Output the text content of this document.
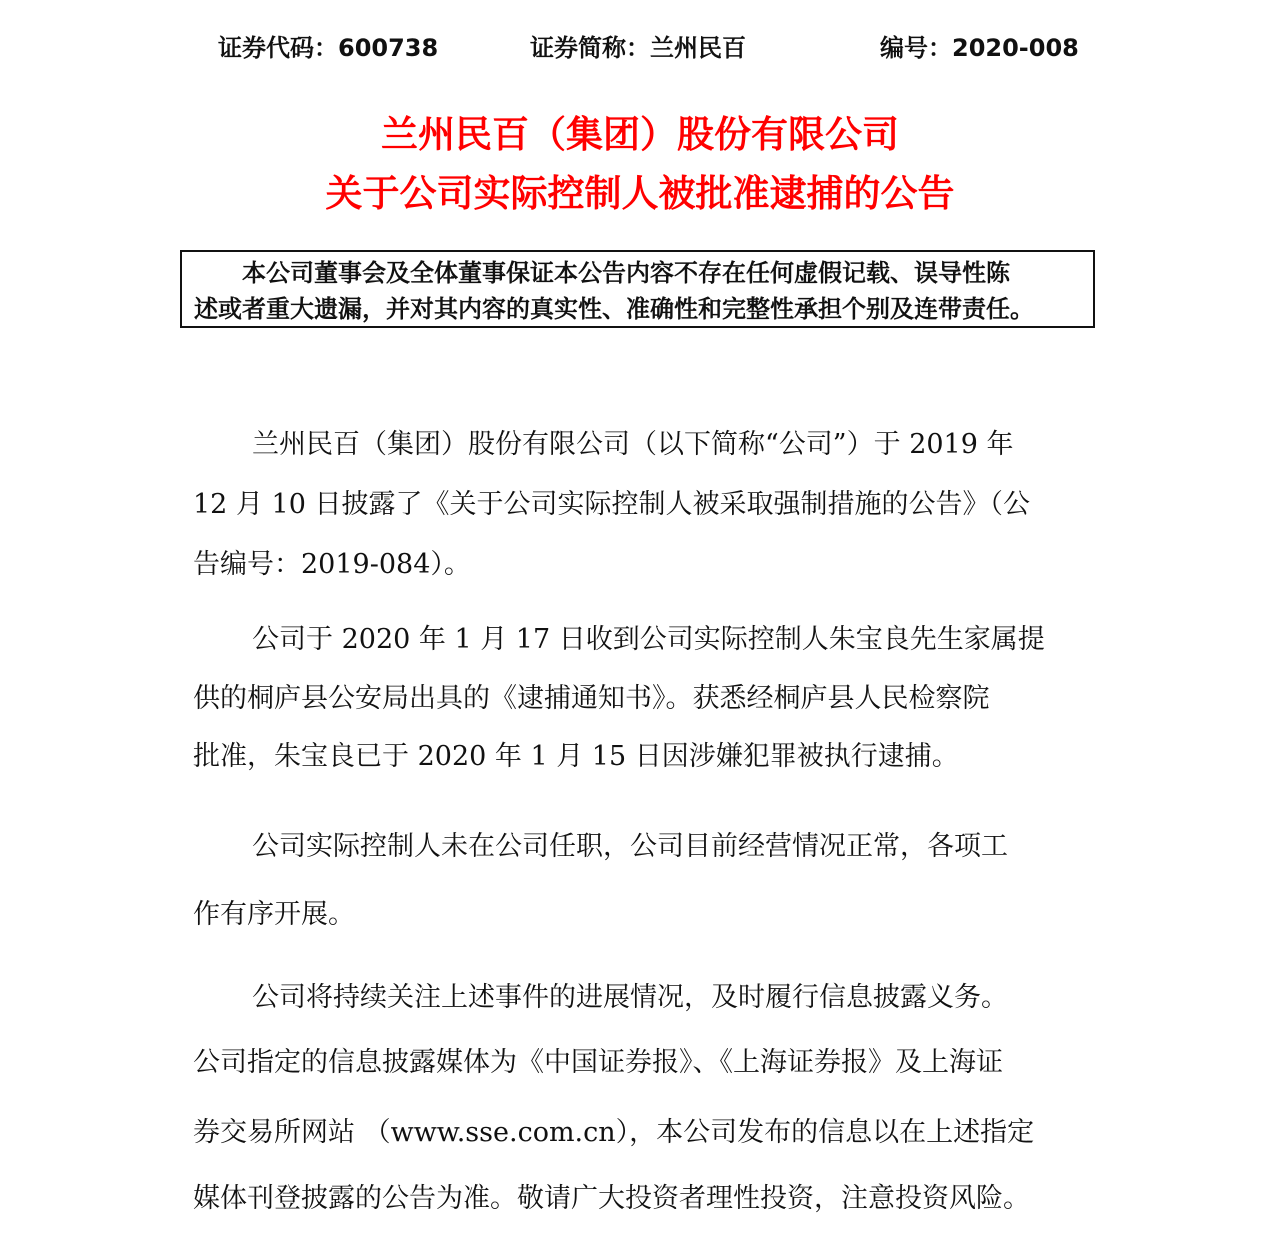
证券代码：600738	证券简称：兰州民百	编号：2020-008
兰州民百（集团）股份有限公司
关于公司实际控制人被批准逮捕的公告
本公司董事会及全体董事保证本公告内容不存在任何虚假记载、误导性陈
述或者重大遗漏，并对其内容的真实性、准确性和完整性承担个别及连带责任。
兰州民百（集团）股份有限公司（以下简称“公司”）于 2019 年
12 月 10 日披露了《关于公司实际控制人被采取强制措施的公告》（公
告编号：2019-084）。
公司于 2020 年 1 月 17 日收到公司实际控制人朱宝良先生家属提
供的桐庐县公安局出具的《逮捕通知书》。获悉经桐庐县人民检察院
批准，朱宝良已于 2020 年 1 月 15 日因涉嫌犯罪被执行逮捕。
公司实际控制人未在公司任职，公司目前经营情况正常，各项工
作有序开展。
公司将持续关注上述事件的进展情况，及时履行信息披露义务。
公司指定的信息披露媒体为《中国证券报》、《上海证券报》及上海证
券交易所网站 （www.sse.com.cn），本公司发布的信息以在上述指定
媒体刊登披露的公告为准。敬请广大投资者理性投资，注意投资风险。
